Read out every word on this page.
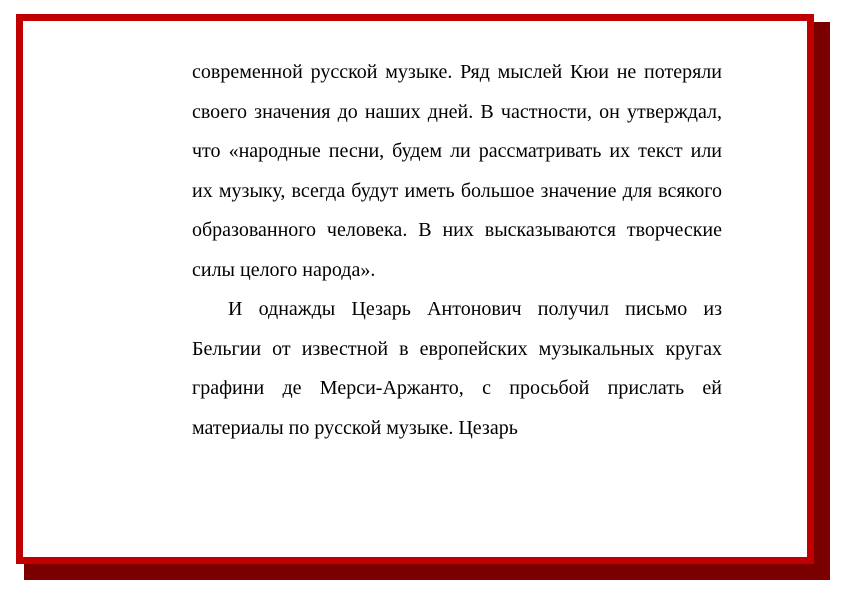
современной русской музыке. Ряд мыслей Кюи не потеряли своего значения до наших дней. В частности, он утверждал, что «народные песни, будем ли рассматривать их текст или их музыку, всегда будут иметь большое значение для всякого образованного человека. В них высказываются творческие силы целого народа».

И однажды Цезарь Антонович получил письмо из Бельгии от известной в европейских музыкальных кругах графини де Мерси-Аржанто, с просьбой прислать ей материалы по русской музыке. Цезарь
